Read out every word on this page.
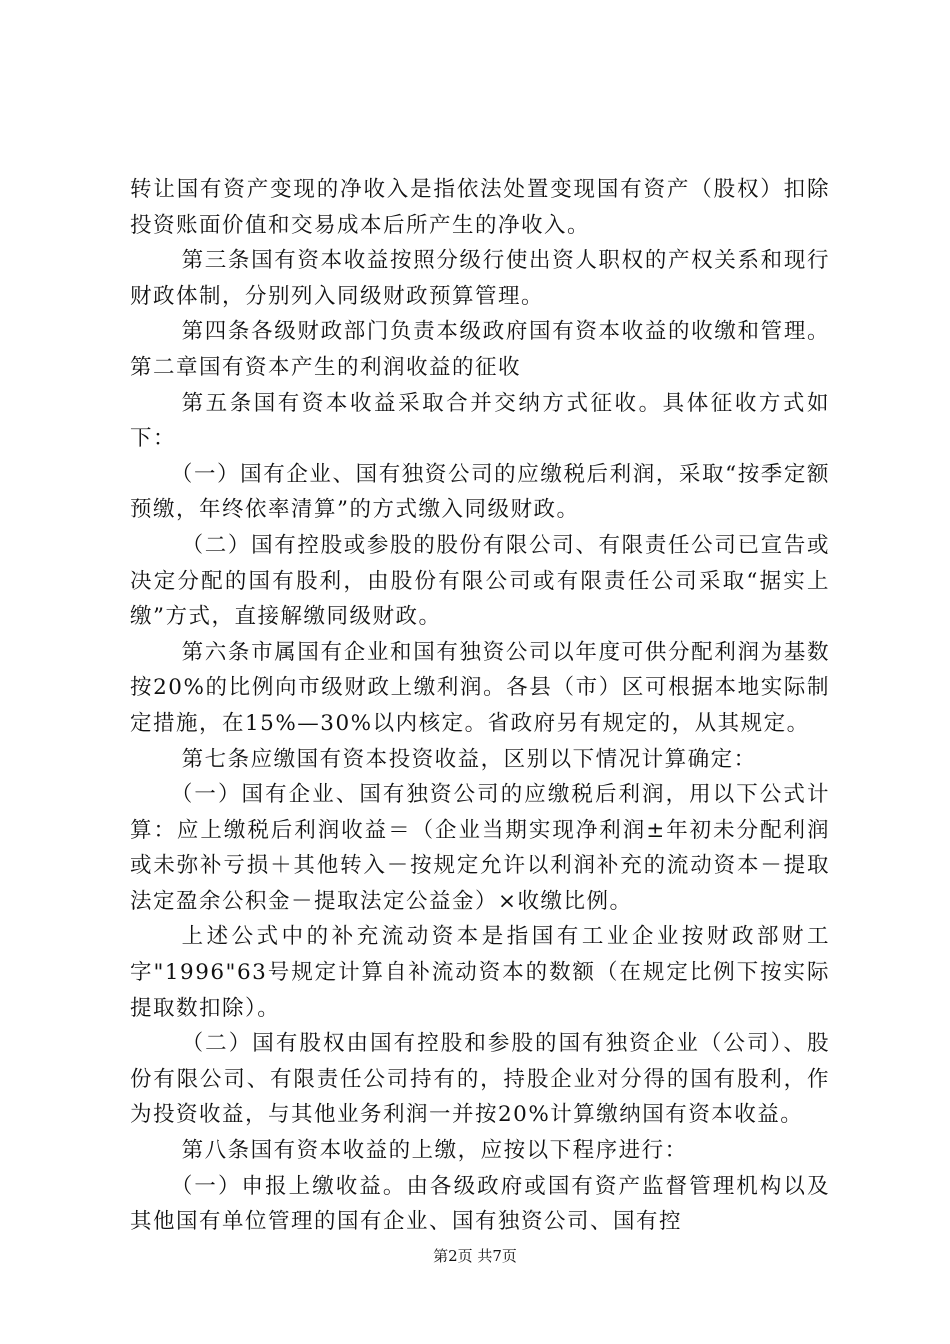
转让国有资产变现的净收入是指依法处置变现国有资产（股权）扣除投资账面价值和交易成本后所产生的净收入。

第三条国有资本收益按照分级行使出资人职权的产权关系和现行财政体制，分别列入同级财政预算管理。

第四条各级财政部门负责本级政府国有资本收益的收缴和管理。第二章国有资本产生的利润收益的征收

第五条国有资本收益采取合并交纳方式征收。具体征收方式如下：

（一）国有企业、国有独资公司的应缴税后利润，采取“按季定额预缴，年终依率清算”的方式缴入同级财政。

（二）国有控股或参股的股份有限公司、有限责任公司已宣告或决定分配的国有股利，由股份有限公司或有限责任公司采取“据实上缴”方式，直接解缴同级财政。

第六条市属国有企业和国有独资公司以年度可供分配利润为基数按20%的比例向市级财政上缴利润。各县（市）区可根据本地实际制定措施，在15%—30%以内核定。省政府另有规定的，从其规定。

第七条应缴国有资本投资收益，区别以下情况计算确定：

（一）国有企业、国有独资公司的应缴税后利润，用以下公式计算：应上缴税后利润收益＝（企业当期实现净利润±年初未分配利润或未弥补亏损＋其他转入－按规定允许以利润补充的流动资本－提取法定盈余公积金－提取法定公益金）×收缴比例。

上述公式中的补充流动资本是指国有工业企业按财政部财工字"1996"63号规定计算自补流动资本的数额（在规定比例下按实际提取数扣除）。

（二）国有股权由国有控股和参股的国有独资企业（公司）、股份有限公司、有限责任公司持有的，持股企业对分得的国有股利，作为投资收益，与其他业务利润一并按20%计算缴纳国有资本收益。

第八条国有资本收益的上缴，应按以下程序进行：

（一）申报上缴收益。由各级政府或国有资产监督管理机构以及其他国有单位管理的国有企业、国有独资公司、国有控

第2页 共7页
